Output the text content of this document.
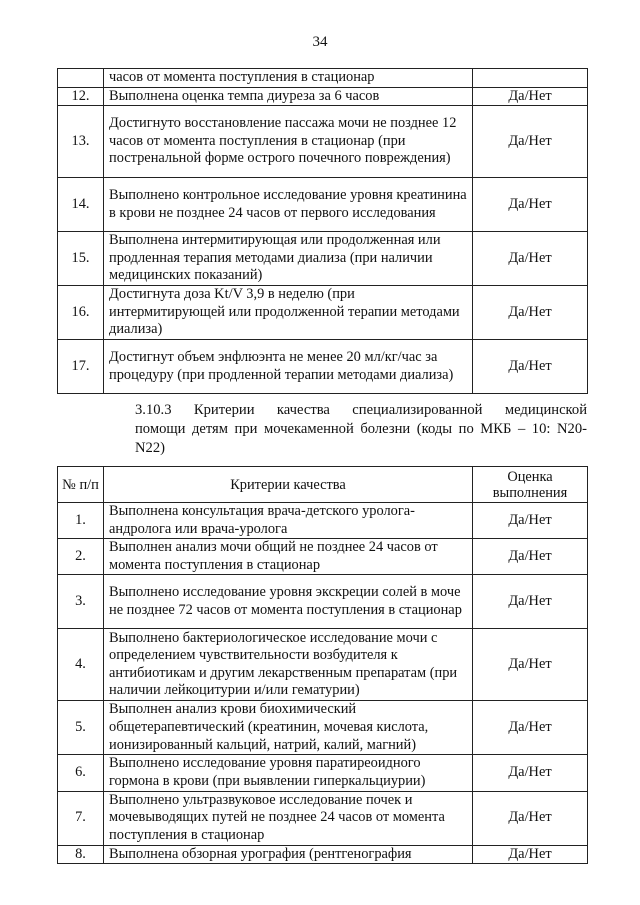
34
	часов от момента поступления в стационар	
12.	Выполнена оценка темпа диуреза за 6 часов	Да/Нет
13.	Достигнуто восстановление пассажа мочи не позднее 12 часов от момента поступления в стационар (при постренальной форме острого почечного повреждения)	Да/Нет
14.	Выполнено контрольное исследование уровня креатинина в крови не позднее 24 часов от первого исследования	Да/Нет
15.	Выполнена интермитирующая или продолженная или продленная терапия методами диализа (при наличии медицинских показаний)	Да/Нет
16.	Достигнута доза Kt/V 3,9 в неделю (при интермитирующей или продолженной терапии методами диализа)	Да/Нет
17.	Достигнут объем энфлюэнта не менее 20 мл/кг/час за процедуру (при продленной терапии методами диализа)	Да/Нет

3.10.3 Критерии качества специализированной медицинской

помощи детям при мочекаменной болезни (коды по МКБ – 10: N20-

N22)

№ п/п	Критерии качества	Оценка выполнения
1.	Выполнена консультация врача-детского уролога-андролога или врача-уролога	Да/Нет
2.	Выполнен анализ мочи общий не позднее 24 часов от момента поступления в стационар	Да/Нет
3.	Выполнено исследование уровня экскреции солей в моче не позднее 72 часов от момента поступления в стационар	Да/Нет
4.	Выполнено бактериологическое исследование мочи с определением чувствительности возбудителя к антибиотикам и другим лекарственным препаратам (при наличии лейкоцитурии и/или гематурии)	Да/Нет
5.	Выполнен анализ крови биохимический общетерапевтический (креатинин, мочевая кислота, ионизированный кальций, натрий, калий, магний)	Да/Нет
6.	Выполнено исследование уровня паратиреоидного гормона в крови (при выявлении гиперкальциурии)	Да/Нет
7.	Выполнено ультразвуковое исследование почек и мочевыводящих путей не позднее 24 часов от момента поступления в стационар	Да/Нет
8.	Выполнена обзорная урография (рентгенография	Да/Нет
